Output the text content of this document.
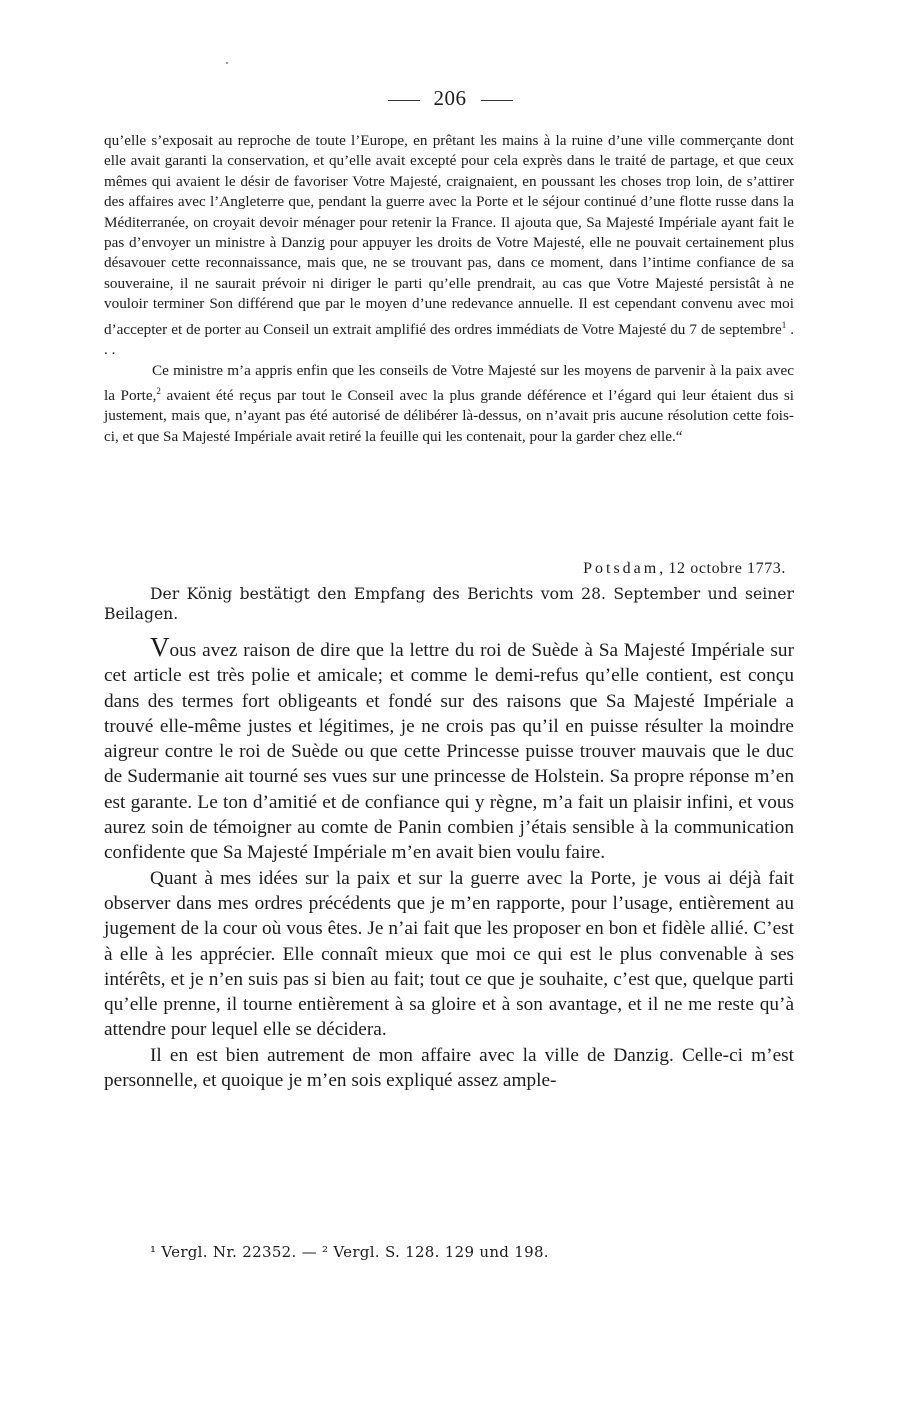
206

qu’elle s’exposait au reproche de toute l’Europe, en prêtant les mains à la ruine d’une ville commerçante dont elle avait garanti la conservation, et qu’elle avait excepté pour cela exprès dans le traité de partage, et que ceux mêmes qui avaient le désir de favoriser Votre Majesté, craignaient, en poussant les choses trop loin, de s’attirer des affaires avec l’Angleterre que, pendant la guerre avec la Porte et le séjour continué d’une flotte russe dans la Méditerranée, on croyait devoir ménager pour retenir la France. Il ajouta que, Sa Majesté Impériale ayant fait le pas d’envoyer un ministre à Danzig pour appuyer les droits de Votre Majesté, elle ne pouvait certainement plus désavouer cette reconnaissance, mais que, ne se trouvant pas, dans ce moment, dans l’intime confiance de sa souveraine, il ne saurait prévoir ni diriger le parti qu’elle prendrait, au cas que Votre Majesté persistât à ne vouloir terminer Son différend que par le moyen d’une redevance annuelle. Il est cependant convenu avec moi d’accepter et de porter au Conseil un extrait amplifié des ordres immédiats de Votre Majesté du 7 de septembre$^1$ . . .

Ce ministre m’a appris enfin que les conseils de Votre Majesté sur les moyens de parvenir à la paix avec la Porte,$^2$ avaient été reçus par tout le Conseil avec la plus grande déférence et l’égard qui leur étaient dus si justement, mais que, n’ayant pas été autorisé de délibérer là-dessus, on n’avait pris aucune résolution cette fois-ci, et que Sa Majesté Impériale avait retiré la feuille qui les contenait, pour la garder chez elle.“

Potsdam, 12 octobre 1773.
Der König bestätigt den Empfang des Berichts vom 28. September und seiner Beilagen.

Vous avez raison de dire que la lettre du roi de Suède à Sa Majesté Impériale sur cet article est très polie et amicale; et comme le demi-refus qu’elle contient, est conçu dans des termes fort obligeants et fondé sur des raisons que Sa Majesté Impériale a trouvé elle-même justes et légitimes, je ne crois pas qu’il en puisse résulter la moindre aigreur contre le roi de Suède ou que cette Princesse puisse trouver mauvais que le duc de Sudermanie ait tourné ses vues sur une princesse de Holstein. Sa propre réponse m’en est garante. Le ton d’amitié et de confiance qui y règne, m’a fait un plaisir infini, et vous aurez soin de témoigner au comte de Panin combien j’étais sensible à la communication confidente que Sa Majesté Impériale m’en avait bien voulu faire.

Quant à mes idées sur la paix et sur la guerre avec la Porte, je vous ai déjà fait observer dans mes ordres précédents que je m’en rapporte, pour l’usage, entièrement au jugement de la cour où vous êtes. Je n’ai fait que les proposer en bon et fidèle allié. C’est à elle à les apprécier. Elle connaît mieux que moi ce qui est le plus convenable à ses intérêts, et je n’en suis pas si bien au fait; tout ce que je souhaite, c’est que, quelque parti qu’elle prenne, il tourne entièrement à sa gloire et à son avantage, et il ne me reste qu’à attendre pour lequel elle se décidera.

Il en est bien autrement de mon affaire avec la ville de Danzig. Celle-ci m’est personnelle, et quoique je m’en sois expliqué assez ample-

¹ Vergl. Nr. 22352. — ² Vergl. S. 128. 129 und 198.
